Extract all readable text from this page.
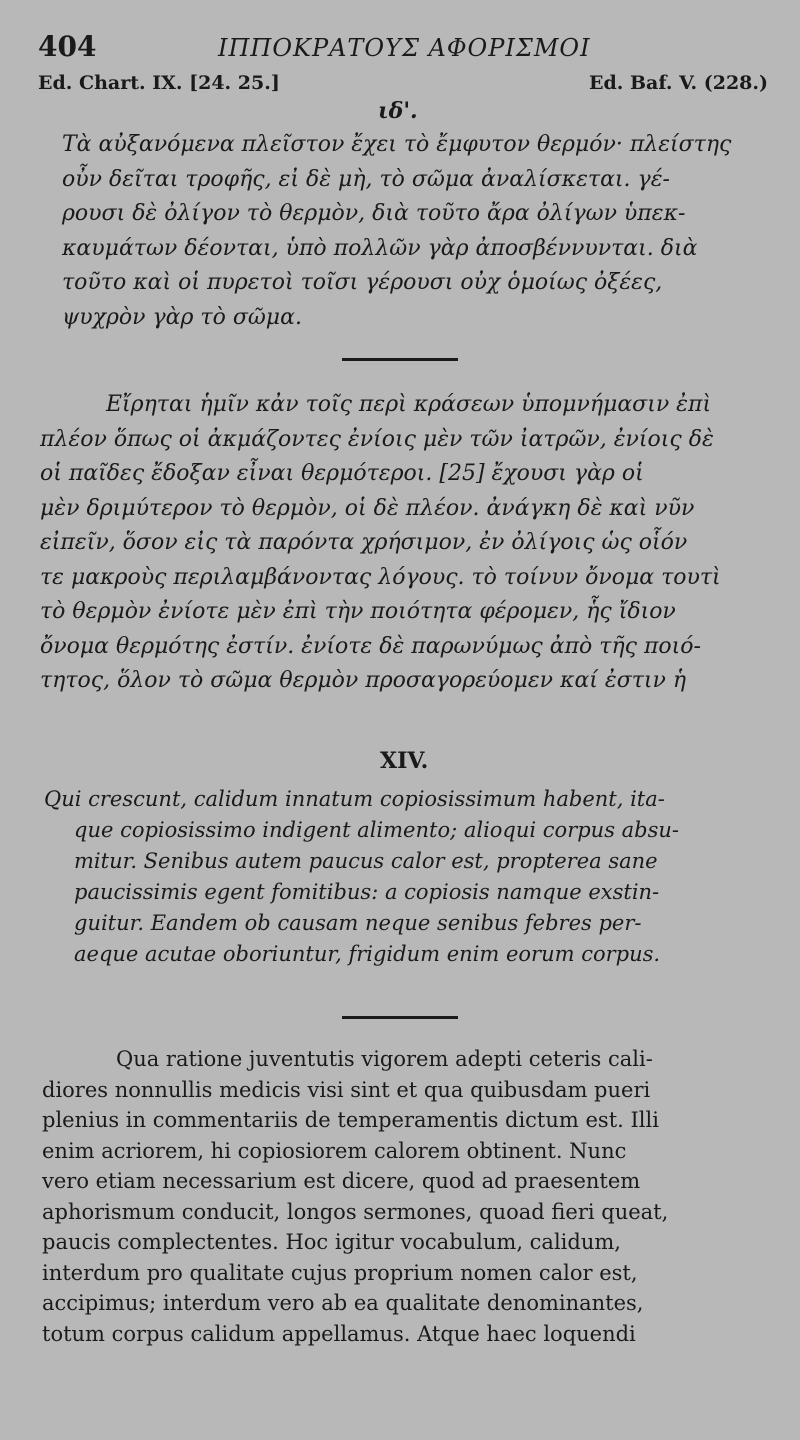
404	ΙΠΠΟΚΡΑΤΟΥΣ ΑΦΟΡΙΣΜΟΙ
Ed. Chart. IX. [24. 25.]	Ed. Baf. V. (228.)
ιδ'.
Τὰ αὐξανόμενα πλεῖστον ἔχει τὸ ἔμφυτον θερμόν· πλείστης
οὖν δεῖται τροφῆς, εἰ δὲ μὴ, τὸ σῶμα ἀναλίσκεται. γέ-
ρουσι δὲ ὀλίγον τὸ θερμὸν, διὰ τοῦτο ἄρα ὀλίγων ὑπεκ-
καυμάτων δέονται, ὑπὸ πολλῶν γὰρ ἀποσβέννυνται. διὰ
τοῦτο καὶ οἱ πυρετοὶ τοῖσι γέρουσι οὐχ ὁμοίως ὀξέες,
ψυχρὸν γὰρ τὸ σῶμα.
Εἴρηται ἡμῖν κἀν τοῖς περὶ κράσεων ὑπομνήμασιν ἐπὶ
πλέον ὅπως οἱ ἀκμάζοντες ἐνίοις μὲν τῶν ἰατρῶν, ἐνίοις δὲ
οἱ παῖδες ἔδοξαν εἶναι θερμότεροι. [25] ἔχουσι γὰρ οἱ
μὲν δριμύτερον τὸ θερμὸν, οἱ δὲ πλέον. ἀνάγκη δὲ καὶ νῦν
εἰπεῖν, ὅσον εἰς τὰ παρόντα χρήσιμον, ἐν ὀλίγοις ὡς οἷόν
τε μακροὺς περιλαμβάνοντας λόγους. τὸ τοίνυν ὄνομα τουτὶ
τὸ θερμὸν ἐνίοτε μὲν ἐπὶ τὴν ποιότητα φέρομεν, ἧς ἴδιον
ὄνομα θερμότης ἐστίν. ἐνίοτε δὲ παρωνύμως ἀπὸ τῆς ποιό-
τητος, ὅλον τὸ σῶμα θερμὸν προσαγορεύομεν καί ἐστιν ἡ
XIV.
Qui crescunt, calidum innatum copiosissimum habent, ita-
que copiosissimo indigent alimento; alioqui corpus absu-
mitur. Senibus autem paucus calor est, propterea sane
paucissimis egent fomitibus: a copiosis namque exstin-
guitur. Eandem ob causam neque senibus febres per-
aeque acutae oboriuntur, frigidum enim eorum corpus.
Qua ratione juventutis vigorem adepti ceteris cali-
diores nonnullis medicis visi sint et qua quibusdam pueri
plenius in commentariis de temperamentis dictum est. Illi
enim acriorem, hi copiosiorem calorem obtinent. Nunc
vero etiam necessarium est dicere, quod ad praesentem
aphorismum conducit, longos sermones, quoad fieri queat,
paucis complectentes. Hoc igitur vocabulum, calidum,
interdum pro qualitate cujus proprium nomen calor est,
accipimus; interdum vero ab ea qualitate denominantes,
totum corpus calidum appellamus. Atque haec loquendi
